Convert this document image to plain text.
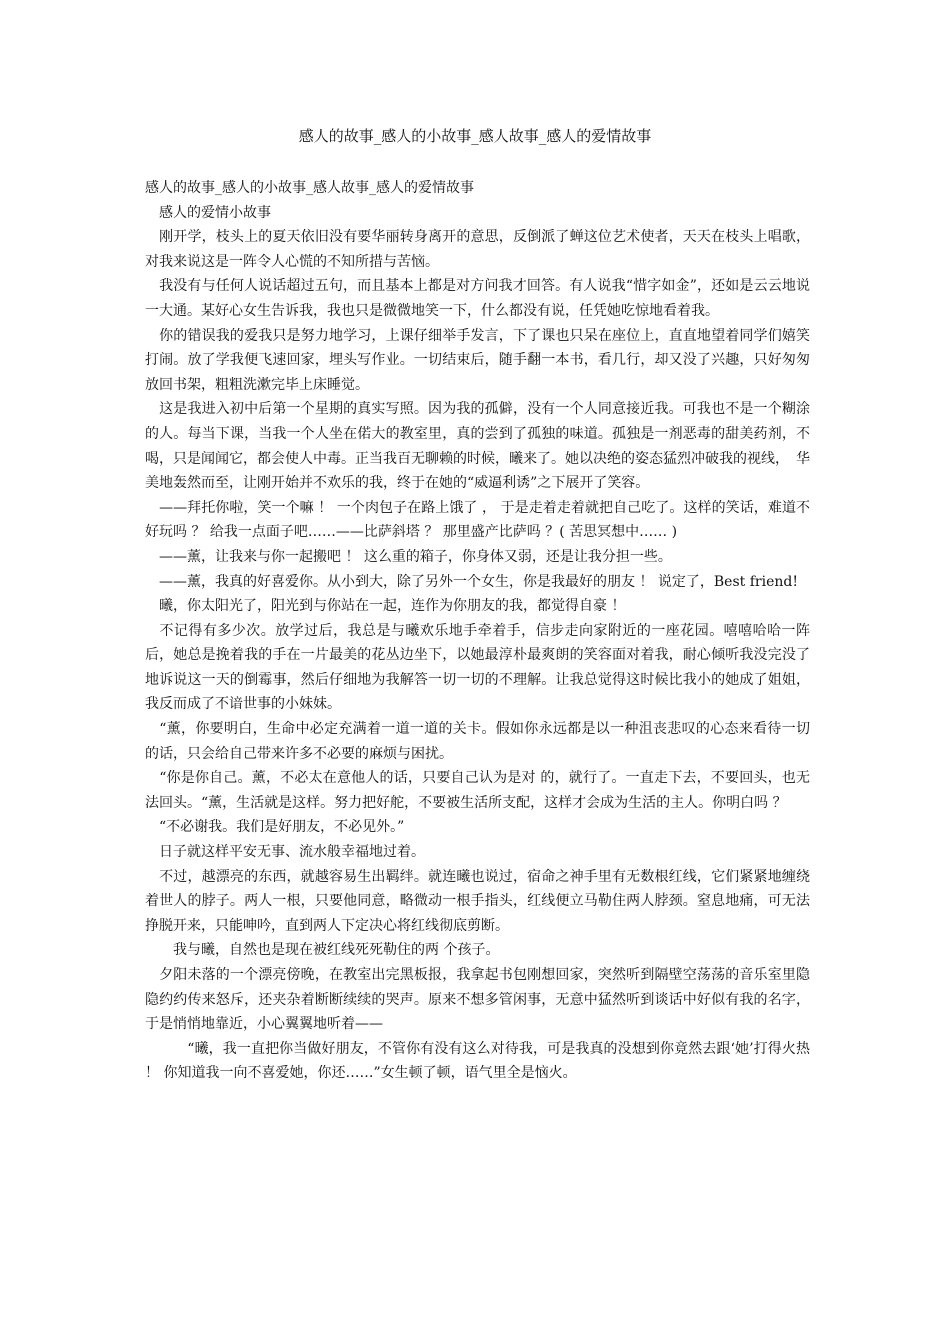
感人的故事_感人的小故事_感人故事_感人的爱情故事

感人的故事_感人的小故事_感人故事_感人的爱情故事

　感人的爱情小故事

　刚开学，枝头上的夏天依旧没有要华丽转身离开的意思，反倒派了蝉这位艺术使者，天天在枝头上唱歌，对我来说这是一阵令人心慌的不知所措与苦恼。

　我没有与任何人说话超过五句，而且基本上都是对方问我才回答。有人说我“惜字如金”，还如是云云地说一大通。某好心女生告诉我，我也只是微微地笑一下，什么都没有说，任凭她吃惊地看着我。

　你的错误我的爱我只是努力地学习，上课仔细举手发言，下了课也只呆在座位上，直直地望着同学们嬉笑打闹。放了学我便飞速回家，埋头写作业。一切结束后，随手翻一本书，看几行，却又没了兴趣，只好匆匆放回书架，粗粗洗漱完毕上床睡觉。

　这是我进入初中后第一个星期的真实写照。因为我的孤僻，没有一个人同意接近我。可我也不是一个糊涂的人。每当下课，当我一个人坐在偌大的教室里，真的尝到了孤独的味道。孤独是一剂恶毒的甜美药剂，不喝，只是闻闻它，都会使人中毒。正当我百无聊赖的时候，曦来了。她以决绝的姿态猛烈冲破我的视线，　华美地轰然而至，让刚开始并不欢乐的我，终于在她的“威逼利诱”之下展开了笑容。

　——拜托你啦，笑一个嘛 ！ 一个肉包子在路上饿了 ， 于是走着走着就把自己吃了。这样的笑话，难道不好玩吗 ？ 给我一点面子吧……——比萨斜塔 ？ 那里盛产比萨吗 ？( 苦思冥想中…… )

　——薰，让我来与你一起搬吧 ！ 这么重的箱子，你身体又弱，还是让我分担一些。

　——薰，我真的好喜爱你。从小到大，除了另外一个女生，你是我最好的朋友 ！ 说定了，Best friend!

　曦，你太阳光了，阳光到与你站在一起，连作为你朋友的我，都觉得自豪 ！

　不记得有多少次。放学过后，我总是与曦欢乐地手牵着手，信步走向家附近的一座花园。嘻嘻哈哈一阵后，她总是挽着我的手在一片最美的花丛边坐下，以她最淳朴最爽朗的笑容面对着我，耐心倾听我没完没了地诉说这一天的倒霉事，然后仔细地为我解答一切一切的不理解。让我总觉得这时候比我小的她成了姐姐，我反而成了不谙世事的小妹妹。

　“薰，你要明白，生命中必定充满着一道一道的关卡。假如你永远都是以一种沮丧悲叹的心态来看待一切的话，只会给自己带来许多不必要的麻烦与困扰。

　“你是你自己。薰，不必太在意他人的话，只要自己认为是对 的，就行了。一直走下去，不要回头，也无法回头。“薰，生活就是这样。努力把好舵，不要被生活所支配，这样才会成为生活的主人。你明白吗 ？

　“不必谢我。我们是好朋友，不必见外。”

　日子就这样平安无事、流水般幸福地过着。

　不过，越漂亮的东西，就越容易生出羁绊。就连曦也说过，宿命之神手里有无数根红线，它们紧紧地缠绕着世人的脖子。两人一根，只要他同意，略微动一根手指头，红线便立马勒住两人脖颈。窒息地痛，可无法挣脱开来，只能呻吟，直到两人下定决心将红线彻底剪断。

　　我与曦，自然也是现在被红线死死勒住的两 个孩子。

　夕阳未落的一个漂亮傍晚，在教室出完黑板报，我拿起书包刚想回家，突然听到隔壁空荡荡的音乐室里隐隐约约传来怒斥，还夹杂着断断续续的哭声。原来不想多管闲事，无意中猛然听到谈话中好似有我的名字，于是悄悄地靠近，小心翼翼地听着——

　　　“曦，我一直把你当做好朋友，不管你有没有这么对待我，可是我真的没想到你竟然去跟‘她’打得火热 ！ 你知道我一向不喜爱她，你还……”女生顿了顿，语气里全是恼火。
